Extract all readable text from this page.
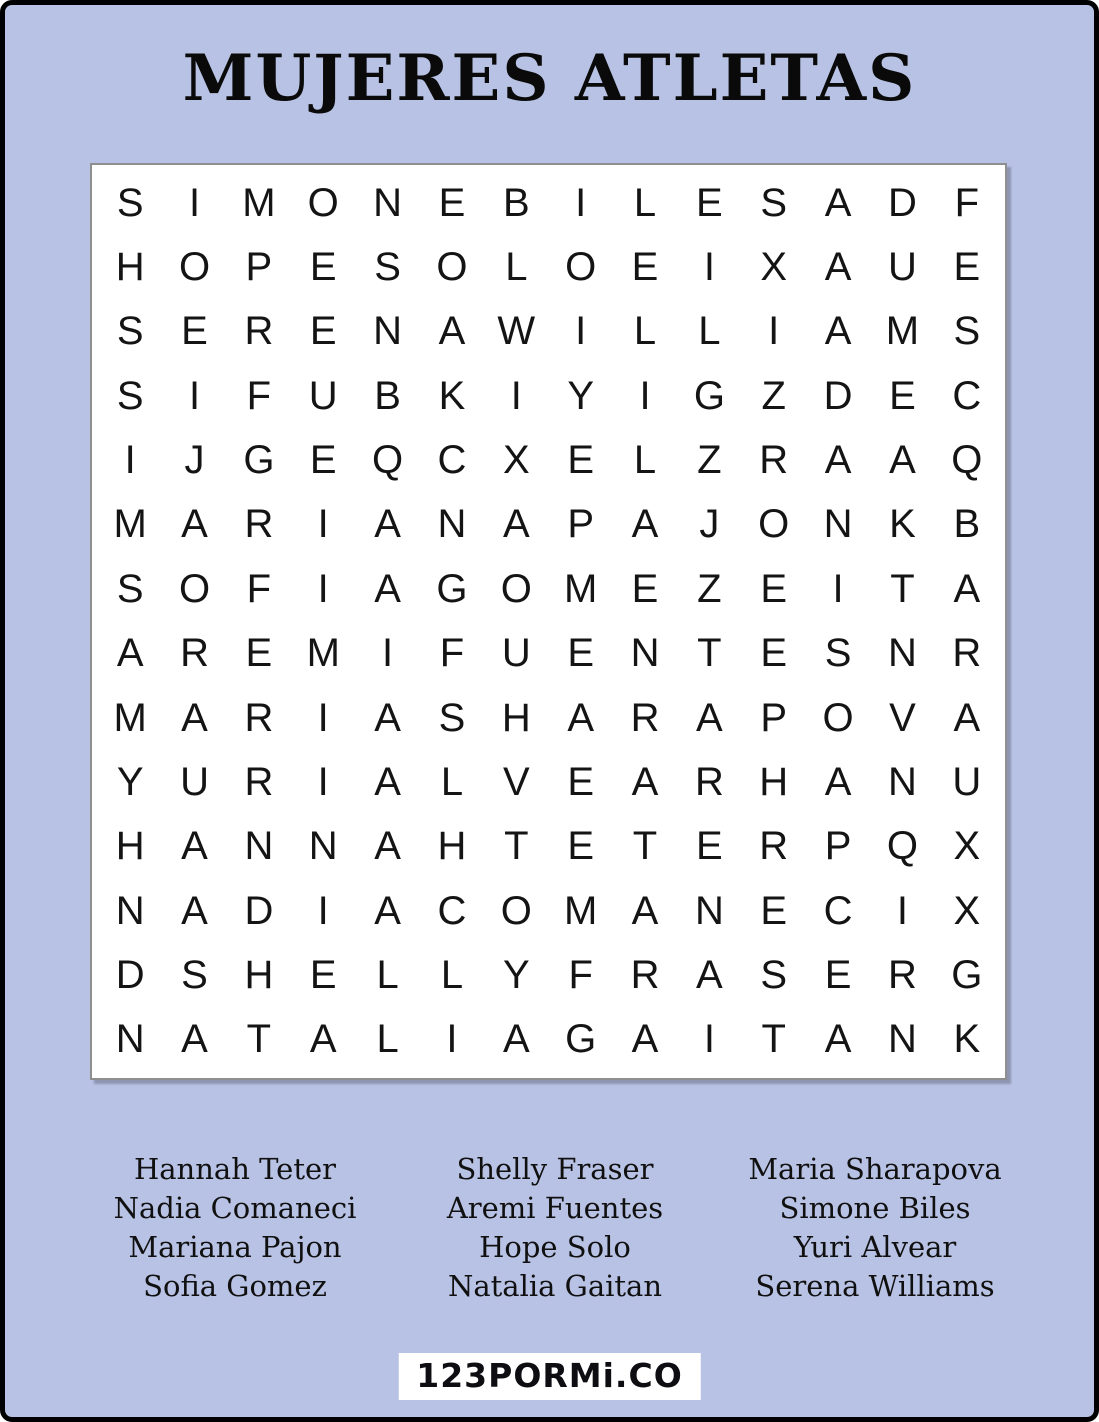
MUJERES ATLETAS
S	I	M O N E B	I	L E S A D F
H O P E S O L O E	I	X A U E
S E R E N A W I	L	L	I	A M S
S	I	F U B K	I	Y	I	G Z D E C
I	J G E Q C X E L	Z R A A Q
M A R	I	A N A P A	J O N K B
S O F	I	A G O M E Z E	I	T A
A R E M	I	F U E N T E S N R
M A R	I	A S H A R A P O V A
Y U R	I	A L V E A R H A N U
H A N N A H T E T E R P Q X
N A D	I	A C O M A N E C	I	X
D S H E L	L Y F R A S E R G
N A T A L	I	A G A	I	T A N K
Hannah Teter
Nadia Comaneci
Mariana Pajon
Sofia Gomez
Shelly Fraser
Aremi Fuentes
Hope Solo
Natalia Gaitan
Maria Sharapova
Simone Biles
Yuri Alvear
Serena Williams
123PORMi.CO
